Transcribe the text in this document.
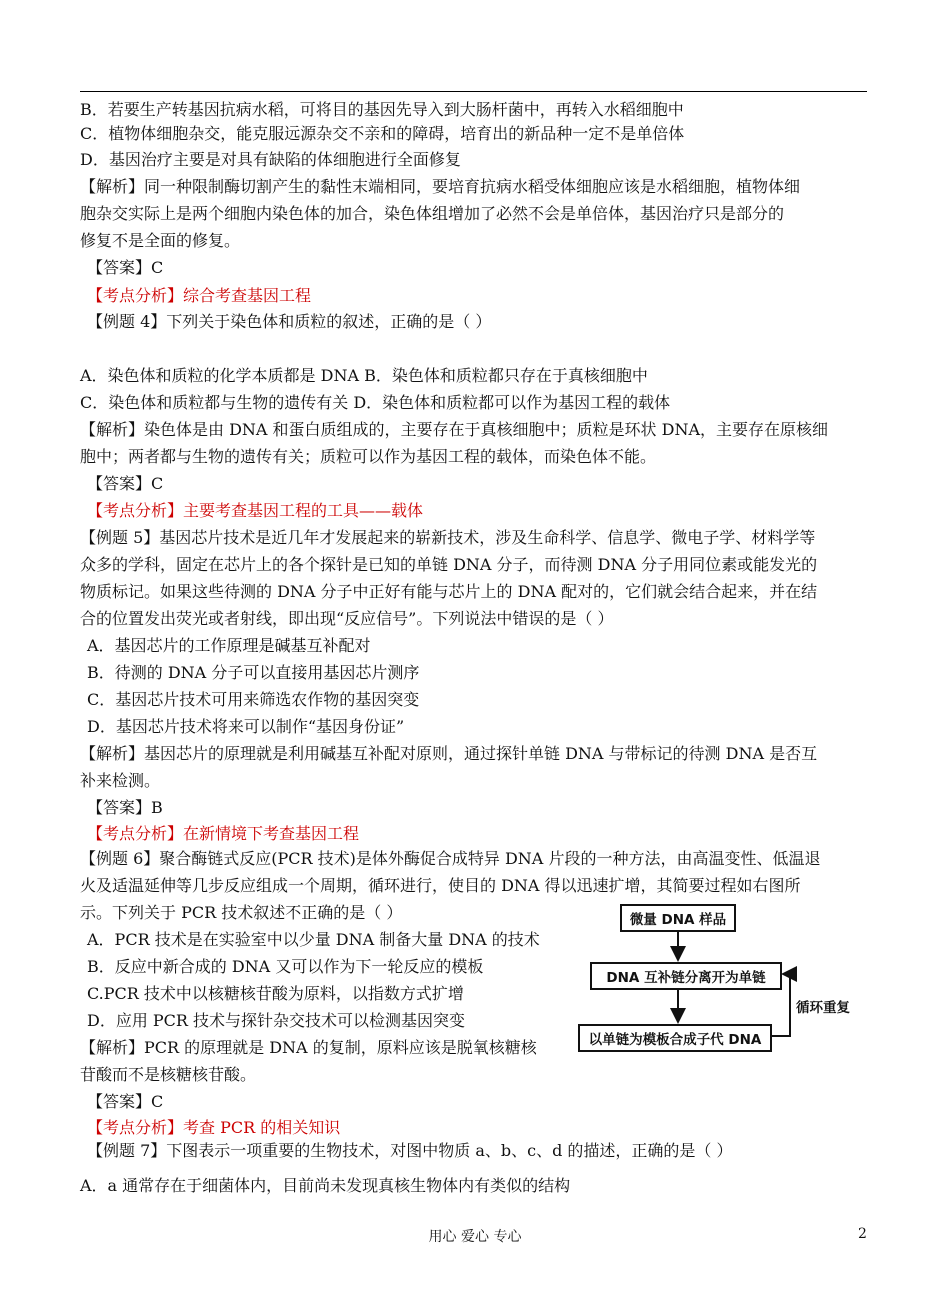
B．若要生产转基因抗病水稻，可将目的基因先导入到大肠杆菌中，再转入水稻细胞中
C．植物体细胞杂交，能克服远源杂交不亲和的障碍，培育出的新品种一定不是单倍体
D．基因治疗主要是对具有缺陷的体细胞进行全面修复
【解析】同一种限制酶切割产生的黏性末端相同，要培育抗病水稻受体细胞应该是水稻细胞，植物体细
胞杂交实际上是两个细胞内染色体的加合，染色体组增加了必然不会是单倍体，基因治疗只是部分的
修复不是全面的修复。
【答案】C
【考点分析】综合考查基因工程
【例题 4】下列关于染色体和质粒的叙述，正确的是（ ）
A．染色体和质粒的化学本质都是 DNA B．染色体和质粒都只存在于真核细胞中
C．染色体和质粒都与生物的遗传有关 D．染色体和质粒都可以作为基因工程的载体
【解析】染色体是由 DNA 和蛋白质组成的，主要存在于真核细胞中；质粒是环状 DNA，主要存在原核细
胞中；两者都与生物的遗传有关；质粒可以作为基因工程的载体，而染色体不能。
【答案】C
【考点分析】主要考查基因工程的工具——载体
【例题 5】基因芯片技术是近几年才发展起来的崭新技术，涉及生命科学、信息学、微电子学、材料学等
众多的学科，固定在芯片上的各个探针是已知的单链 DNA 分子，而待测 DNA 分子用同位素或能发光的
物质标记。如果这些待测的 DNA 分子中正好有能与芯片上的 DNA 配对的，它们就会结合起来，并在结
合的位置发出荧光或者射线，即出现“反应信号”。下列说法中错误的是（ ）
A．基因芯片的工作原理是碱基互补配对
B．待测的 DNA 分子可以直接用基因芯片测序
C．基因芯片技术可用来筛选农作物的基因突变
D．基因芯片技术将来可以制作“基因身份证”
【解析】基因芯片的原理就是利用碱基互补配对原则，通过探针单链 DNA 与带标记的待测 DNA 是否互
补来检测。
【答案】B
【考点分析】在新情境下考查基因工程
【例题 6】聚合酶链式反应(PCR 技术)是体外酶促合成特异 DNA 片段的一种方法，由高温变性、低温退
火及适温延伸等几步反应组成一个周期，循环进行，使目的 DNA 得以迅速扩增，其简要过程如右图所
示。下列关于 PCR 技术叙述不正确的是（ ）
A．PCR 技术是在实验室中以少量 DNA 制备大量 DNA 的技术
B．反应中新合成的 DNA 又可以作为下一轮反应的模板
C.PCR 技术中以核糖核苷酸为原料，以指数方式扩增
D．应用 PCR 技术与探针杂交技术可以检测基因突变
【解析】PCR 的原理就是 DNA 的复制，原料应该是脱氧核糖核
苷酸而不是核糖核苷酸。
【答案】C
【考点分析】考查 PCR 的相关知识
【例题 7】下图表示一项重要的生物技术，对图中物质 a、b、c、d 的描述，正确的是（ ）
A．a 通常存在于细菌体内，目前尚未发现真核生物体内有类似的结构
微量 DNA 样品
DNA 互补链分离开为单链
以单链为模板合成子代 DNA
循环重复
用心 爱心 专心	2
